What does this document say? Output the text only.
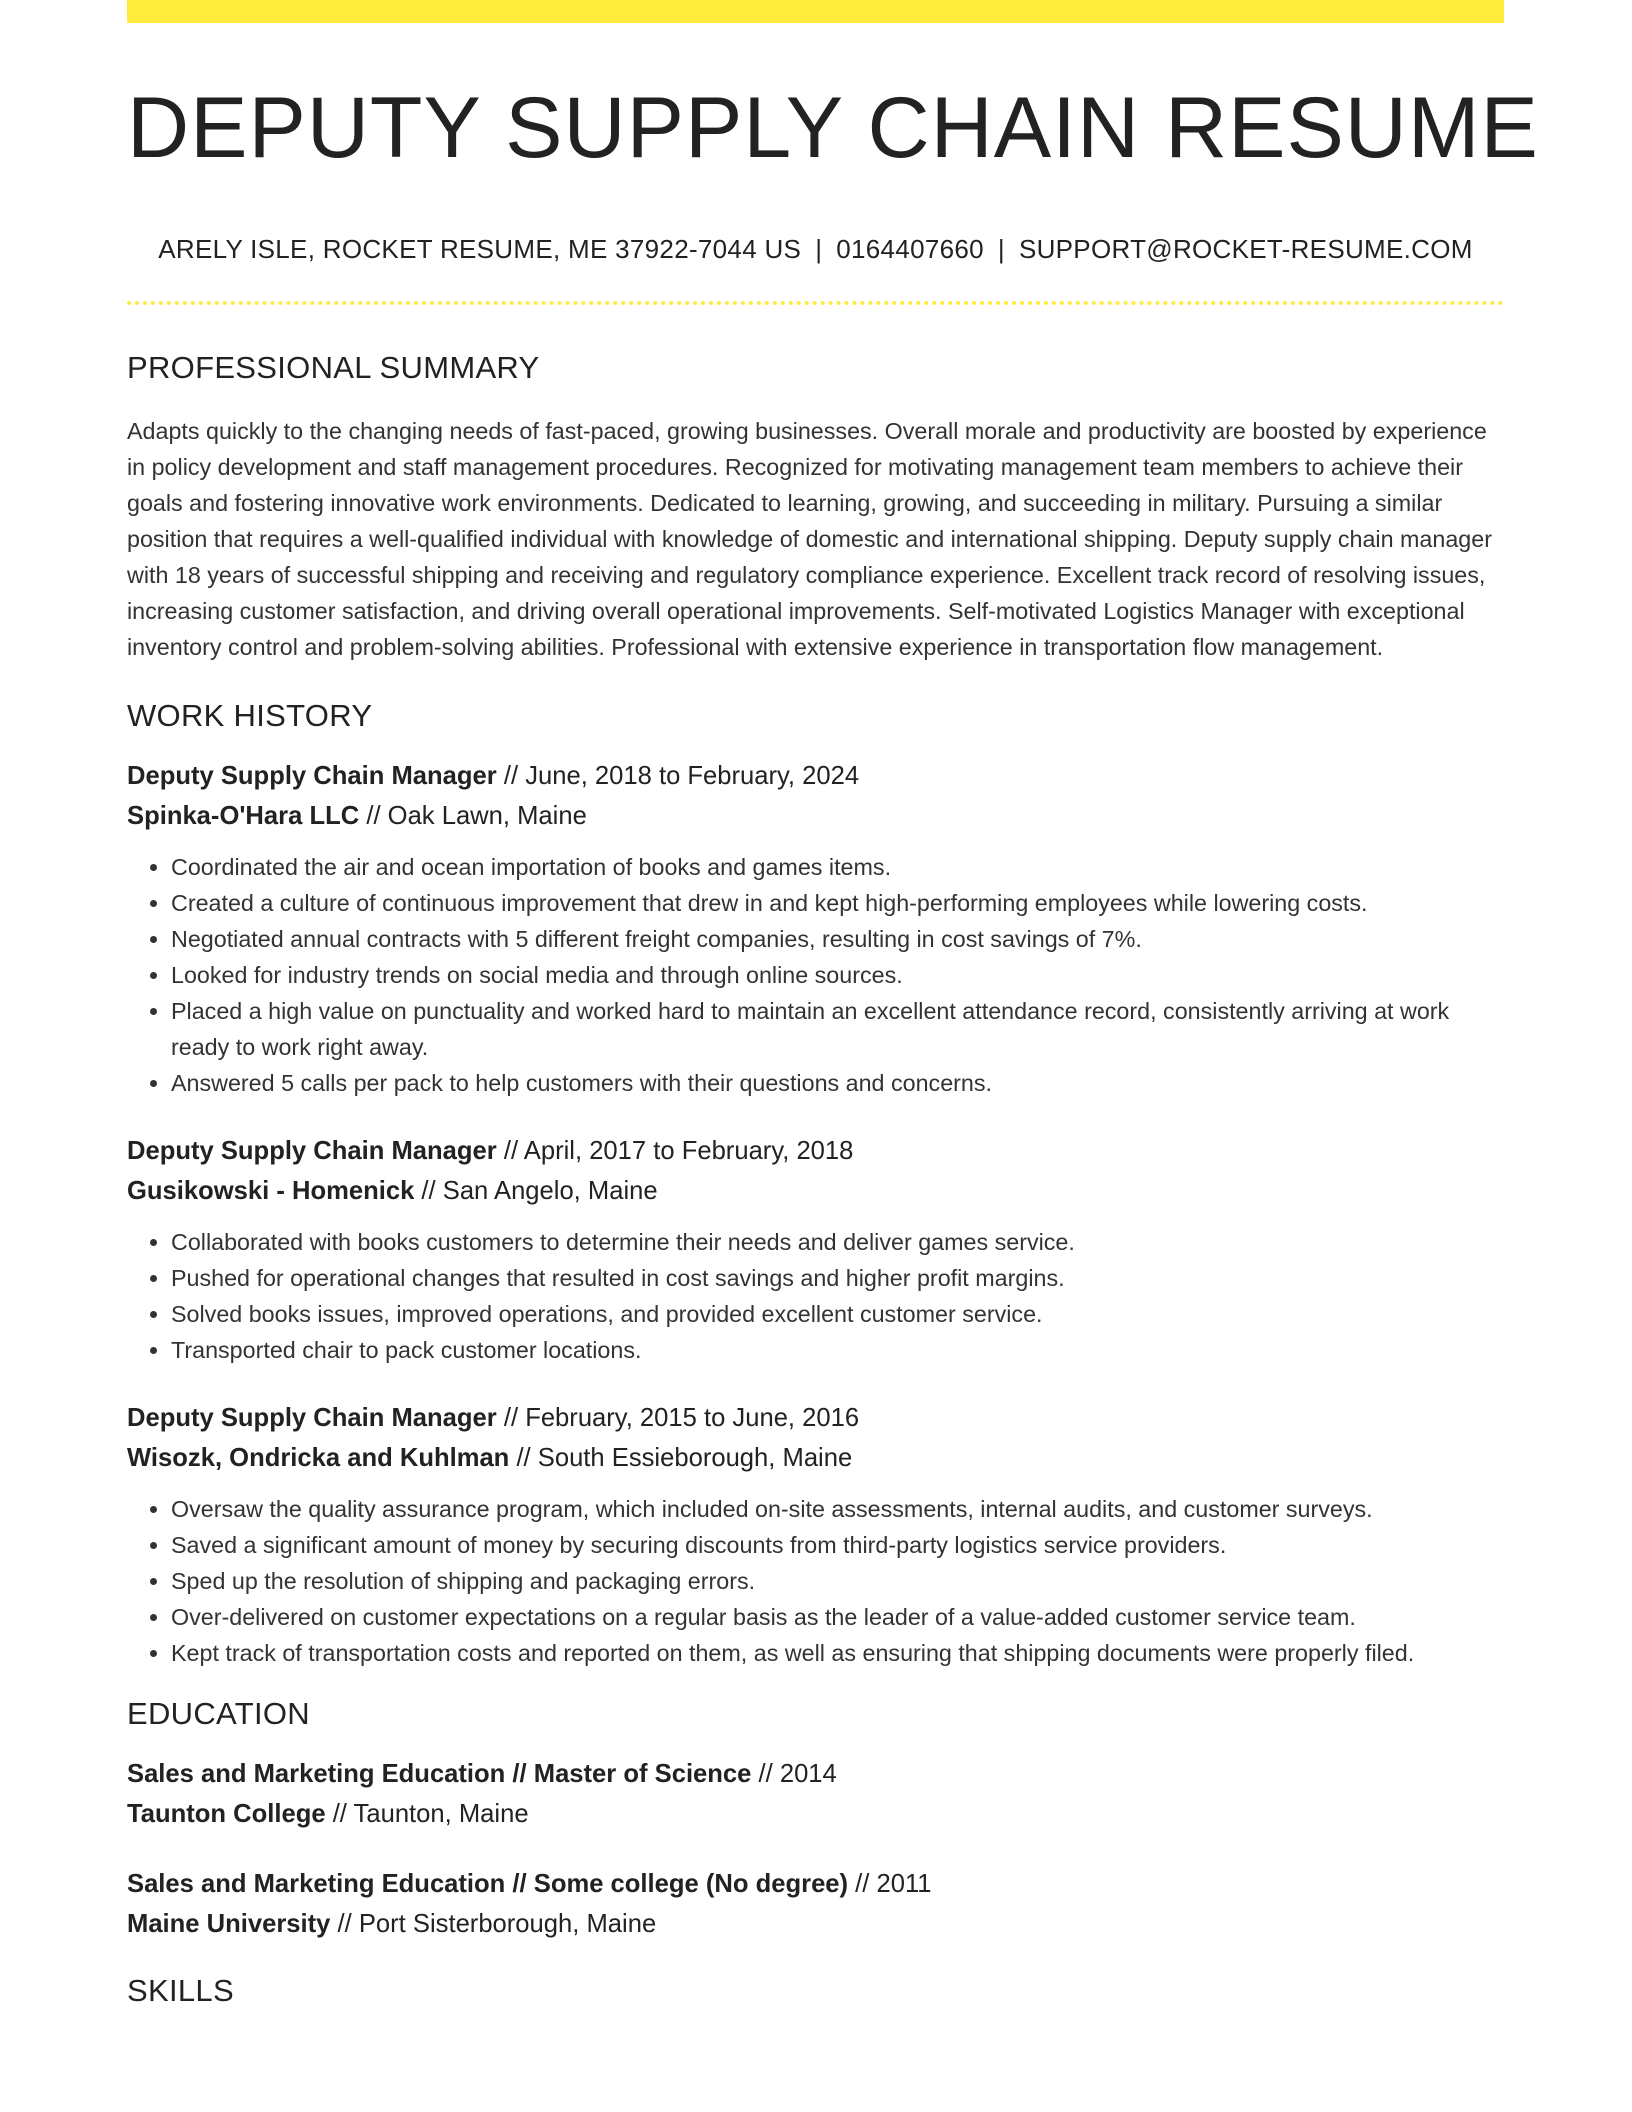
DEPUTY SUPPLY CHAIN RESUME
ARELY ISLE, ROCKET RESUME, ME 37922-7044 US | 0164407660 | SUPPORT@ROCKET-RESUME.COM
PROFESSIONAL SUMMARY
Adapts quickly to the changing needs of fast-paced, growing businesses. Overall morale and productivity are boosted by experience in policy development and staff management procedures. Recognized for motivating management team members to achieve their goals and fostering innovative work environments. Dedicated to learning, growing, and succeeding in military. Pursuing a similar position that requires a well-qualified individual with knowledge of domestic and international shipping. Deputy supply chain manager with 18 years of successful shipping and receiving and regulatory compliance experience. Excellent track record of resolving issues, increasing customer satisfaction, and driving overall operational improvements. Self-motivated Logistics Manager with exceptional inventory control and problem-solving abilities. Professional with extensive experience in transportation flow management.
WORK HISTORY
Deputy Supply Chain Manager // June, 2018 to February, 2024
Spinka-O'Hara LLC // Oak Lawn, Maine
• Coordinated the air and ocean importation of books and games items.
• Created a culture of continuous improvement that drew in and kept high-performing employees while lowering costs.
• Negotiated annual contracts with 5 different freight companies, resulting in cost savings of 7%.
• Looked for industry trends on social media and through online sources.
• Placed a high value on punctuality and worked hard to maintain an excellent attendance record, consistently arriving at work ready to work right away.
• Answered 5 calls per pack to help customers with their questions and concerns.
Deputy Supply Chain Manager // April, 2017 to February, 2018
Gusikowski - Homenick // San Angelo, Maine
• Collaborated with books customers to determine their needs and deliver games service.
• Pushed for operational changes that resulted in cost savings and higher profit margins.
• Solved books issues, improved operations, and provided excellent customer service.
• Transported chair to pack customer locations.
Deputy Supply Chain Manager // February, 2015 to June, 2016
Wisozk, Ondricka and Kuhlman // South Essieborough, Maine
• Oversaw the quality assurance program, which included on-site assessments, internal audits, and customer surveys.
• Saved a significant amount of money by securing discounts from third-party logistics service providers.
• Sped up the resolution of shipping and packaging errors.
• Over-delivered on customer expectations on a regular basis as the leader of a value-added customer service team.
• Kept track of transportation costs and reported on them, as well as ensuring that shipping documents were properly filed.
EDUCATION
Sales and Marketing Education // Master of Science // 2014
Taunton College // Taunton, Maine
Sales and Marketing Education // Some college (No degree) // 2011
Maine University // Port Sisterborough, Maine
SKILLS
